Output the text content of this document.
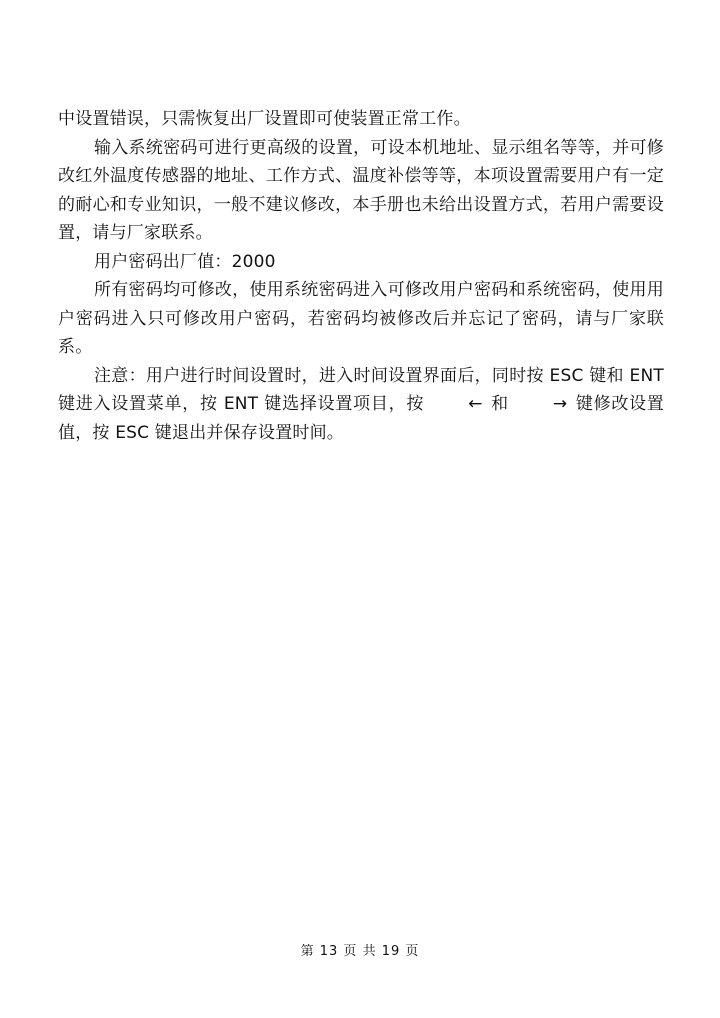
中设置错误，只需恢复出厂设置即可使装置正常工作。

输入系统密码可进行更高级的设置，可设本机地址、显示组名等等，并可修改红外温度传感器的地址、工作方式、温度补偿等等，本项设置需要用户有一定的耐心和专业知识，一般不建议修改，本手册也未给出设置方式，若用户需要设置，请与厂家联系。

用户密码出厂值：2000

所有密码均可修改，使用系统密码进入可修改用户密码和系统密码，使用用户密码进入只可修改用户密码，若密码均被修改后并忘记了密码，请与厂家联系。

注意：用户进行时间设置时，进入时间设置界面后，同时按 ESC 键和 ENT 键进入设置菜单，按 ENT 键选择设置项目，按	← 和	→ 键修改设置值，按 ESC 键退出并保存设置时间。

第 13 页 共 19 页
